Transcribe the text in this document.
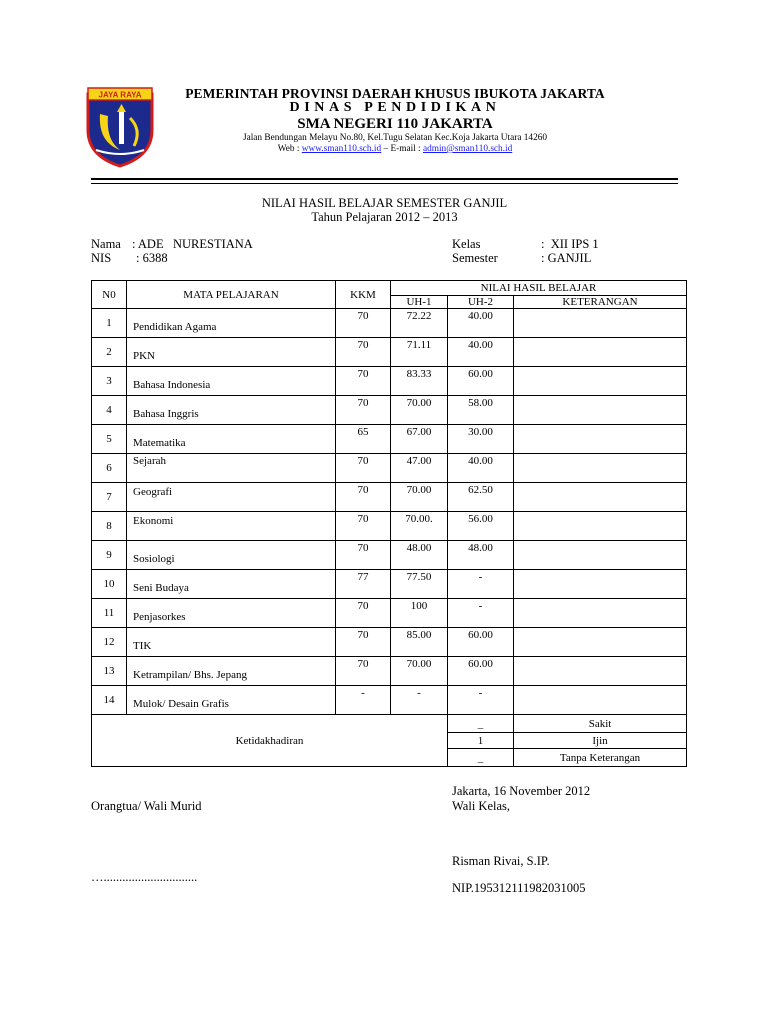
JAYA RAYA	PEMERINTAH PROVINSI DAERAH KHUSUS IBUKOTA JAKARTA
DINAS PENDIDIKAN
SMA NEGERI 110 JAKARTA
Jalan Bendungan Melayu No.80, Kel.Tugu Selatan Kec.Koja Jakarta Utara 14260
Web : www.sman110.sch.id – E-mail : admin@sman110.sch.id
NILAI HASIL BELAJAR SEMESTER GANJIL
Tahun Pelajaran 2012 – 2013
Nama : ADE   NURESTIANA
NIS : 6388
Kelas	:  XII IPS 1
Semester	: GANJIL
N0	MATA PELAJARAN	KKM	NILAI HASIL BELAJAR		
			UH-1	UH-2	KETERANGAN
1	Pendidikan Agama	70	72.22	40.00	
2	PKN	70	71.11	40.00	
3	Bahasa Indonesia	70	83.33	60.00	
4	Bahasa Inggris	70	70.00	58.00	
5	Matematika	65	67.00	30.00	
6	Sejarah	70	47.00	40.00	
7	Geografi	70	70.00	62.50	
8	Ekonomi	70	70.00.	56.00	
9	Sosiologi	70	48.00	48.00	
10	Seni Budaya	77	77.50	-	
11	Penjasorkes	70	100	-	
12	TIK	70	85.00	60.00	
13	Ketrampilan/ Bhs. Jepang	70	70.00	60.00	
14	Mulok/ Desain Grafis	-	-	-	
Ketidakhadiran				_	Sakit
				1	Ijin
				_	Tanpa Keterangan
Jakarta, 16 November 2012
Wali Kelas,
Orangtua/ Wali Murid
…..............................
Risman Rivai, S.IP.
NIP.195312111982031005
